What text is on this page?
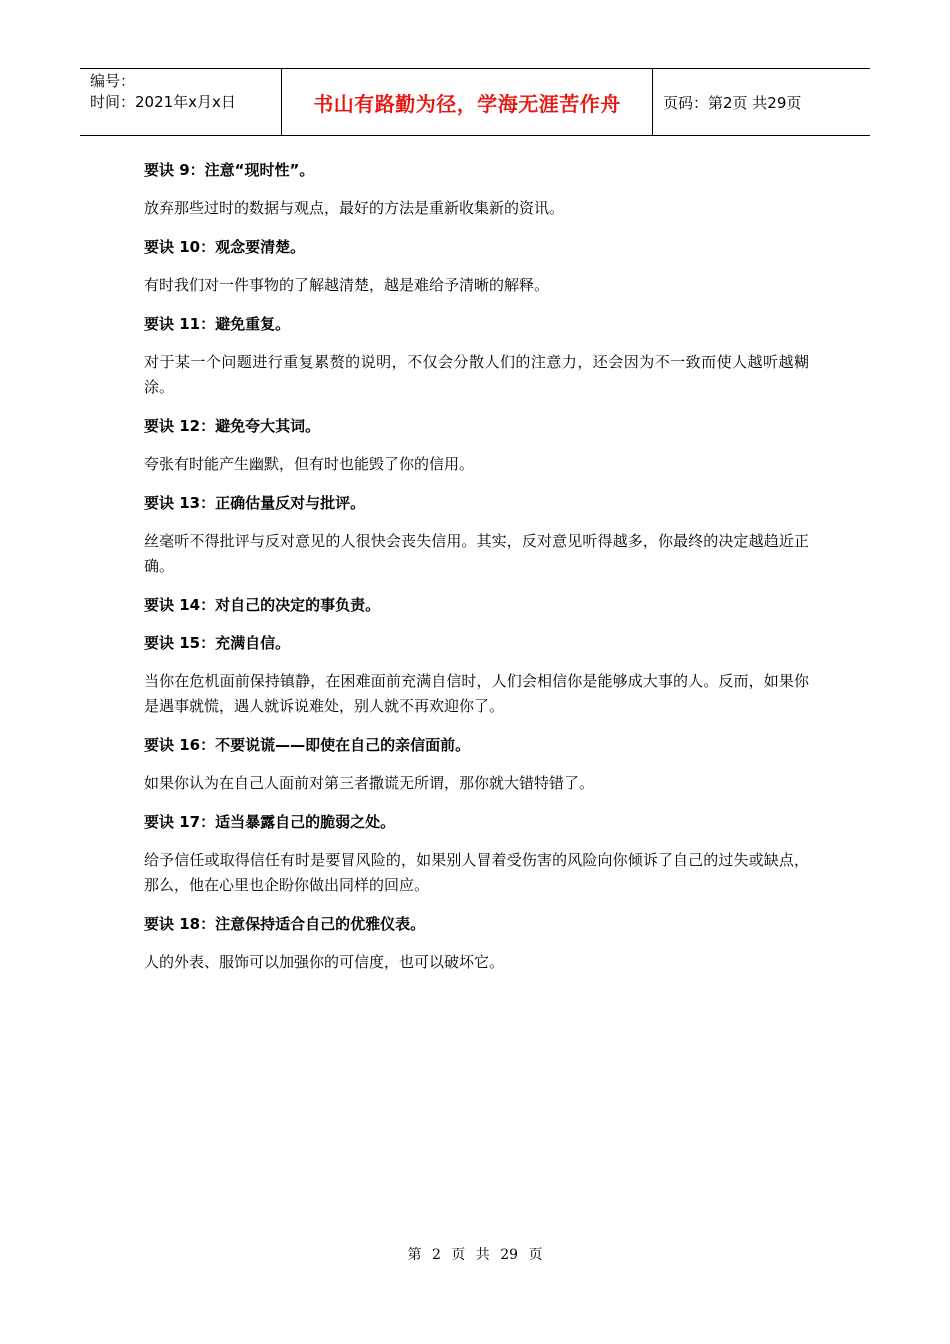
编号：
时间：2021年x月x日	书山有路勤为径，学海无涯苦作舟	页码：第2页 共29页
要诀 9：注意“现时性”。
放弃那些过时的数据与观点，最好的方法是重新收集新的资讯。
要诀 10：观念要清楚。
有时我们对一件事物的了解越清楚，越是难给予清晰的解释。
要诀 11：避免重复。
对于某一个问题进行重复累赘的说明，不仅会分散人们的注意力，还会因为不一致而使人越听越糊涂。
要诀 12：避免夸大其词。
夸张有时能产生幽默，但有时也能毁了你的信用。
要诀 13：正确估量反对与批评。
丝毫听不得批评与反对意见的人很快会丧失信用。其实，反对意见听得越多，你最终的决定越趋近正确。
要诀 14：对自己的决定的事负责。
要诀 15：充满自信。
当你在危机面前保持镇静，在困难面前充满自信时，人们会相信你是能够成大事的人。反而，如果你是遇事就慌，遇人就诉说难处，别人就不再欢迎你了。
要诀 16：不要说谎——即使在自己的亲信面前。
如果你认为在自己人面前对第三者撒谎无所谓，那你就大错特错了。
要诀 17：适当暴露自己的脆弱之处。
给予信任或取得信任有时是要冒风险的，如果别人冒着受伤害的风险向你倾诉了自己的过失或缺点，那么，他在心里也企盼你做出同样的回应。
要诀 18：注意保持适合自己的优雅仪表。
人的外表、服饰可以加强你的可信度，也可以破坏它。
第 2 页 共 29 页
